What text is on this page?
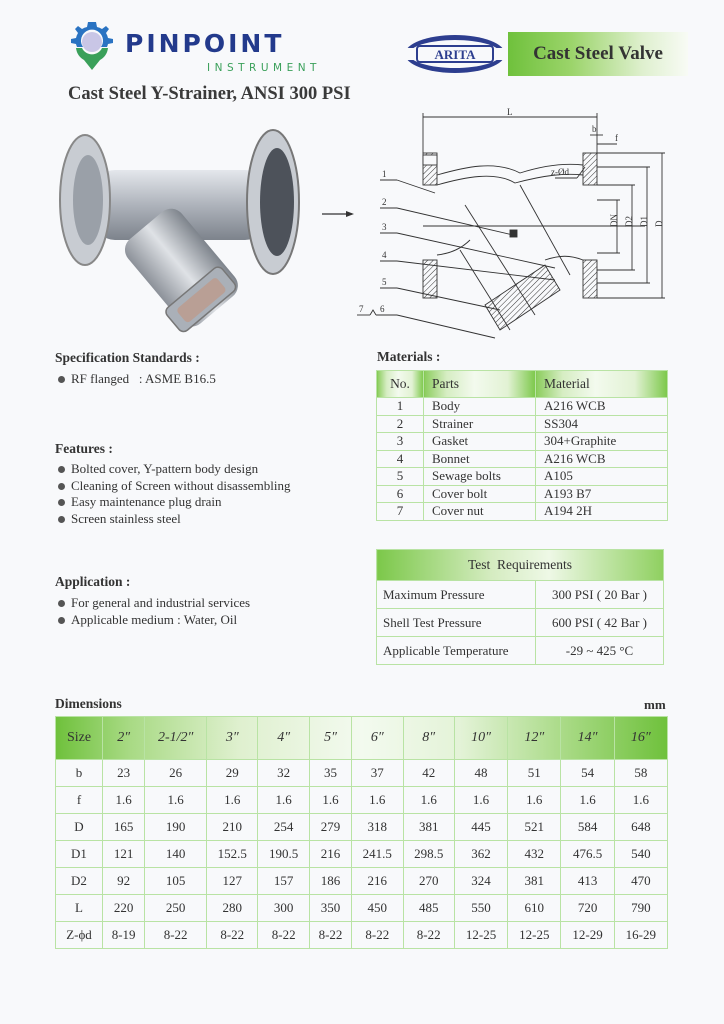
PINPOINT
INSTRUMENT
Cast Steel Y-Strainer, ANSI 300 PSI
ARITA	Cast Steel Valve
L
b
f
DN D2 D1 D
z-Ød
1
2
3
4
5
6
7
Specification Standards :
RF flanged   : ASME B16.5
Features :
Bolted cover, Y-pattern body design
Cleaning of Screen without disassembling
Easy maintenance plug drain
Screen stainless steel
Application :
For general and industrial services
Applicable medium : Water, Oil
Materials :
No.	Parts	Material
1	Body	A216 WCB
2	Strainer	SS304
3	Gasket	304+Graphite
4	Bonnet	A216 WCB
5	Sewage bolts	A105
6	Cover bolt	A193 B7
7	Cover nut	A194 2H
Test  Requirements	
Maximum Pressure	300 PSI ( 20 Bar )
Shell Test Pressure	600 PSI ( 42 Bar )
Applicable Temperature	-29 ~ 425 °C
Dimensions	mm
Size	2″	2-1/2″	3″	4″	5″	6″	8″	10″	12″	14″	16″
b	23	26	29	32	35	37	42	48	51	54	58
f	1.6	1.6	1.6	1.6	1.6	1.6	1.6	1.6	1.6	1.6	1.6
D	165	190	210	254	279	318	381	445	521	584	648
D1	121	140	152.5	190.5	216	241.5	298.5	362	432	476.5	540
D2	92	105	127	157	186	216	270	324	381	413	470
L	220	250	280	300	350	450	485	550	610	720	790
Z-ϕd	8-19	8-22	8-22	8-22	8-22	8-22	8-22	12-25	12-25	12-29	16-29
